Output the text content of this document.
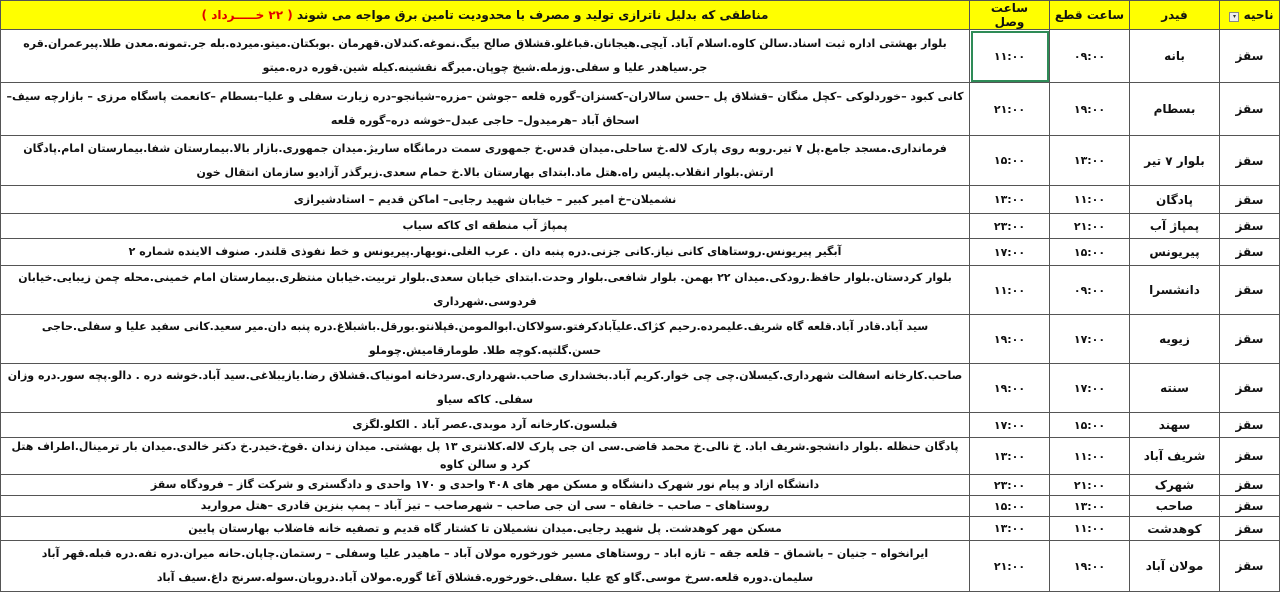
ناحیه ▾	فیدر	ساعت قطع	ساعت وصل	مناطقی که بدلیل ناترازی تولید و مصرف با محدودیت تامین برق مواجه می شوند ( ۲۲ خـــــرداد )
سقز	بانه	۰۹:۰۰	۱۱:۰۰	بلوار بهشتی اداره ثبت اسناد.سالن کاوه.اسلام آباد. آیچی.هیجانان.قباغلو.قشلاق صالح بیگ.نموغه.کندلان.قهرمان .بوبکتان.میتو.میرده.بله جر.تمونه.معدن طلا.پیرعمران.قره جر.سیاهدر علیا و سفلی.وزمله.شیخ چوپان.میرگه نقشینه.کیله شین.قوره دره.میتو
سقز	بسطام	۱۹:۰۰	۲۱:۰۰	کانی کبود –خوردلوکی –کچل منگان –قشلاق پل –حسن سالاران–کسنزان–گوره قلعه –جوشن –مزره–شیانجو–دره زیارت سفلی و علیا–بسطام –کانعمت پاسگاه مرزی – بازارچه سیف–اسحاق آباد –هرمیدول– حاجی عبدل–خوشه دره–گوره قلعه
سقز	بلوار ۷ تیر	۱۳:۰۰	۱۵:۰۰	فرمانداری.مسجد جامع.پل ۷ تیر.روبه روی پارک لاله.خ ساحلی.میدان قدس.خ جمهوری سمت درمانگاه ساریژ.میدان جمهوری.بازار بالا.بیمارستان شفا.بیمارستان امام.پادگان ارتش.بلوار انقلاب.پلیس راه.هتل ماد.ابتدای بهارستان بالا.خ حمام سعدی.زیرگذر آزادیو سازمان انتقال خون
سقز	پادگان	۱۱:۰۰	۱۳:۰۰	نشمیلان–خ امیر کبیر – خیابان شهید رجایی– اماکن قدیم – استادشیرازی
سقز	پمپاژ آب	۲۱:۰۰	۲۳:۰۰	پمپاژ آب منطقه ای کاکه سیاب
سقز	پیریونس	۱۵:۰۰	۱۷:۰۰	آبگیر پیریونس.روستاهای کانی نیاز.کانی جزنی.دره پنبه دان . عرب الغلی.نوبهار.پیریونس و خط نفوذی قلندر. صنوف الاینده شماره ۲
سقز	دانشسرا	۰۹:۰۰	۱۱:۰۰	بلوار کردستان.بلوار حافظ.رودکی.میدان ۲۲ بهمن. بلوار شافعی.بلوار وحدت.ابتدای خیابان سعدی.بلوار تربیت.خیابان منتظری.بیمارستان امام خمینی.محله چمن زیبایی.خیابان فردوسی.شهرداری
سقز	زیویه	۱۷:۰۰	۱۹:۰۰	سید آباد.قادر آباد.قلعه گاه شریف.علیمرده.رحیم کژاک.علیآبادکرفتو.سولاکان.ابوالمومن.قپلانتو.بورقل.باشبلاغ.دره پنبه دان.میر سعید.کانی سفید علیا و سفلی.حاجی حسن.گلتپه.کوچه طلا. طومارقامیش.چوملو
سقز	سنته	۱۷:۰۰	۱۹:۰۰	صاحب.کارخانه اسفالت شهرداری.کیسلان.چی چی خوار.کریم آباد.بخشداری صاحب.شهرداری.سردخانه امونیاک.قشلاق رضا.یازیبلاغی.سید آباد.خوشه دره . دالو.پچه سور.دره وزان سفلی. کاکه سیاو
سقز	سهند	۱۵:۰۰	۱۷:۰۰	قبلسون.کارخانه آرد موبدی.عصر آباد . الکلو.لگزی
سقز	شریف آباد	۱۱:۰۰	۱۳:۰۰	پادگان حنظله .بلوار دانشجو.شریف اباد. خ نالی.خ محمد قاضی.سی ان جی پارک لاله.کلانتری ۱۳ پل بهشتی. میدان زندان .قوخ.خیدر.خ دکتر خالدی.میدان بار ترمینال.اطراف هتل کرد و سالن کاوه
سقز	شهرک	۲۱:۰۰	۲۳:۰۰	دانشگاه ازاد و پیام نور شهرک دانشگاه و مسکن مهر های ۴۰۸ واحدی و ۱۷۰ واحدی و دادگستری و شرکت گاز – فرودگاه سقز
سقز	صاحب	۱۳:۰۰	۱۵:۰۰	روستاهای – صاحب – خانقاه – سی ان جی صاحب – شهرصاحب – تیز آباد – پمپ بنزین قادری –هتل مروارید
سقز	کوهدشت	۱۱:۰۰	۱۳:۰۰	مسکن مهر کوهدشت. پل شهید رجایی.میدان نشمیلان تا کشتار گاه قدیم و تصفیه خانه فاضلاب بهارستان پایین
سقز	مولان آباد	۱۹:۰۰	۲۱:۰۰	ایرانخواه – جنیان – باشماق – قلعه جقه – تازه اباد – روستاهای مسیر خورخوره مولان آباد – ماهیدر علیا وسفلی – رستمان.چاپان.حانه میران.دره تفه.دره قبله.قهر آباد سلیمان.دوره قلعه.سرخ موسی.گاو کچ علیا .سفلی.خورخوره.قشلاق آغا گوره.مولان آباد.دروبان.سوله.سرنج داغ.سیف آباد
